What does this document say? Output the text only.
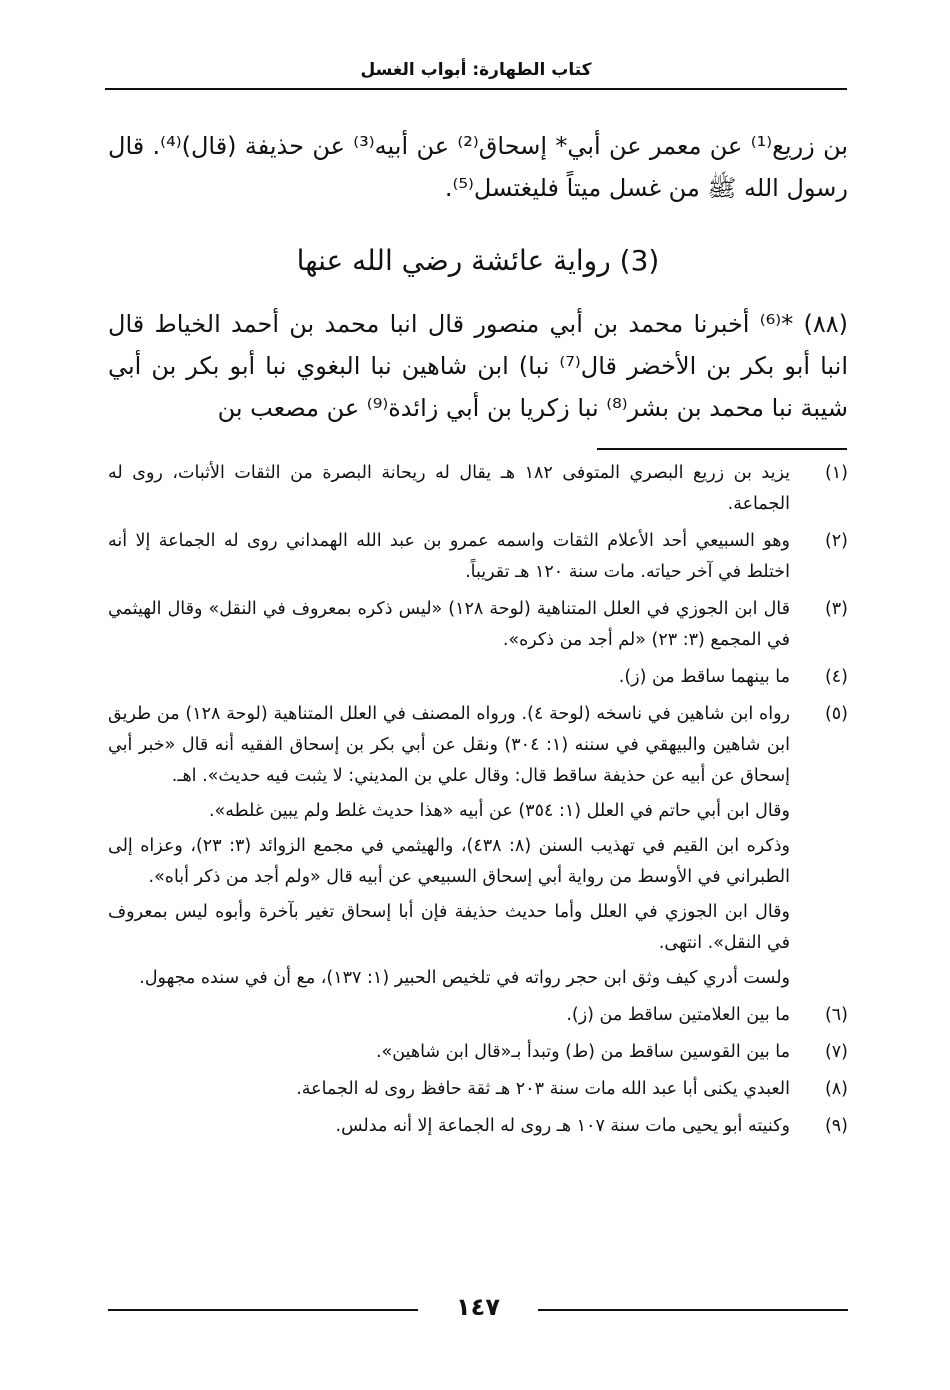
كتاب الطهارة: أبواب الغسل

بن زريع⁽¹⁾ عن معمر عن أبي* إسحاق⁽²⁾ عن أبيه⁽³⁾ عن حذيفة (قال)⁽⁴⁾. قال رسول الله ﷺ من غسل ميتاً فليغتسل⁽⁵⁾.

(3) رواية عائشة رضي الله عنها

(٨٨) *⁽⁶⁾ أخبرنا محمد بن أبي منصور قال انبا محمد بن أحمد الخياط قال انبا أبو بكر بن الأخضر قال⁽⁷⁾ نبا) ابن شاهين نبا البغوي نبا أبو بكر بن أبي شيبة نبا محمد بن بشر⁽⁸⁾ نبا زكريا بن أبي زائدة⁽⁹⁾ عن مصعب بن

(١)

يزيد بن زريع البصري المتوفى ١٨٢ هـ يقال له ريحانة البصرة من الثقات الأثبات، روى له الجماعة.

(٢)

وهو السبيعي أحد الأعلام الثقات واسمه عمرو بن عبد الله الهمداني روى له الجماعة إلا أنه اختلط في آخر حياته. مات سنة ١٢٠ هـ تقريباً.

(٣)

قال ابن الجوزي في العلل المتناهية (لوحة ١٢٨) «ليس ذكره بمعروف في النقل» وقال الهيثمي في المجمع (٣: ٢٣) «لم أجد من ذكره».

(٤)

ما بينهما ساقط من (ز).

(٥)

رواه ابن شاهين في ناسخه (لوحة ٤). ورواه المصنف في العلل المتناهية (لوحة ١٢٨) من طريق ابن شاهين والبيهقي في سننه (١: ٣٠٤) ونقل عن أبي بكر بن إسحاق الفقيه أنه قال «خبر أبي إسحاق عن أبيه عن حذيفة ساقط قال: وقال علي بن المديني: لا يثبت فيه حديث». اهـ.

وقال ابن أبي حاتم في العلل (١: ٣٥٤) عن أبيه «هذا حديث غلط ولم يبين غلطه».

وذكره ابن القيم في تهذيب السنن (٨: ٤٣٨)، والهيثمي في مجمع الزوائد (٣: ٢٣)، وعزاه إلى الطبراني في الأوسط من رواية أبي إسحاق السبيعي عن أبيه قال «ولم أجد من ذكر أباه».

وقال ابن الجوزي في العلل وأما حديث حذيفة فإن أبا إسحاق تغير بآخرة وأبوه ليس بمعروف في النقل». انتهى.

ولست أدري كيف وثق ابن حجر رواته في تلخيص الحبير (١: ١٣٧)، مع أن في سنده مجهول.

(٦)

ما بين العلامتين ساقط من (ز).

(٧)

ما بين القوسين ساقط من (ط) وتبدأ بـ«قال ابن شاهين».

(٨)

العبدي يكنى أبا عبد الله مات سنة ٢٠٣ هـ ثقة حافظ روى له الجماعة.

(٩)

وكنيته أبو يحيى مات سنة ١٠٧ هـ روى له الجماعة إلا أنه مدلس.

١٤٧
